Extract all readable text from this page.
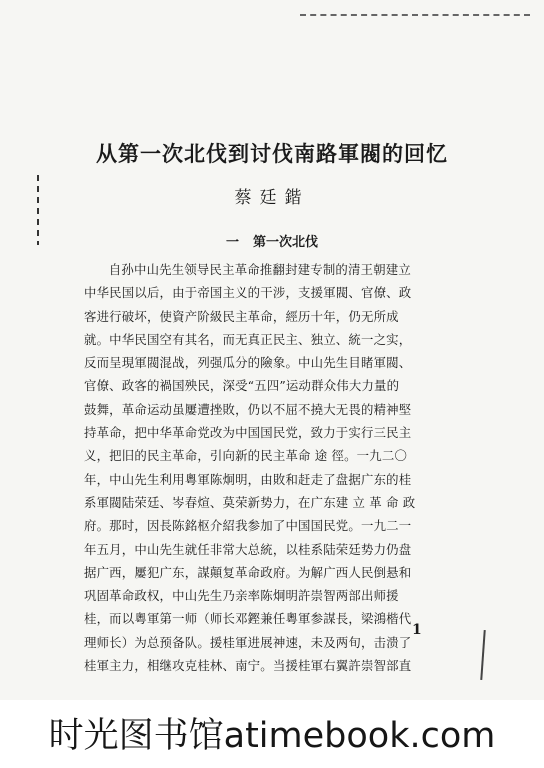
从第一次北伐到讨伐南路軍閥的回忆
蔡廷鍇
一 第一次北伐
自孙中山先生领导民主革命推翻封建专制的清王朝建立
中华民国以后，由于帝国主义的干涉，支援軍閥、官僚、政
客进行破坏，使資产阶級民主革命，經历十年，仍无所成
就。中华民国空有其名，而无真正民主、独立、統一之实，
反而呈現軍閥混战，列强瓜分的險象。中山先生目睹軍閥、
官僚、政客的禍国殃民，深受“五四”运动群众伟大力量的
鼓舞，革命运动虽屢遭挫敗，仍以不屈不撓大无畏的精神堅
持革命，把中华革命党改为中国国民党，致力于实行三民主
义，把旧的民主革命，引向新的民主革命 途 徑。一九二〇
年，中山先生利用粵軍陈炯明，由敗和赶走了盘据广东的桂
系軍閥陆荣廷、岑春煊、莫荣新势力，在广东建 立 革 命 政
府。那时，因長陈銘枢介紹我参加了中国国民党。一九二一
年五月，中山先生就任非常大总統，以桂系陆荣廷势力仍盘
据广西，屢犯广东，謀顛复革命政府。为解广西人民倒悬和
巩固革命政权，中山先生乃亲率陈炯明許崇智两部出师援
桂，而以粵軍第一师（师长邓鏗兼任粵軍参謀長，梁鴻楷代
理师长）为总预备队。援桂軍进展神速，未及两旬，击溃了
桂軍主力，相继攻克桂林、南宁。当援桂軍右翼許崇智部直
1
时光图书馆atimebook.com
